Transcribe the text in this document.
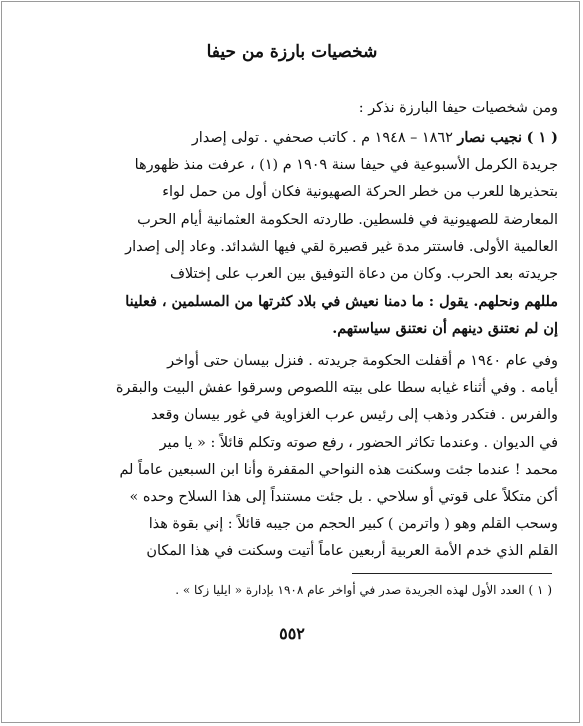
شخصيات بارزة من حيفا
ومن شخصيات حيفا البارزة نذكر :
( ١ ) نجيب نصار ١٨٦٢ – ١٩٤٨ م . كاتب صحفي . تولى إصدار
جريدة الكرمل الأسبوعية في حيفا سنة ١٩٠٩ م (١) ، عرفت منذ ظهورها
بتحذيرها للعرب من خطر الحركة الصهيونية فكان أول من حمل لواء
المعارضة للصهيونية في فلسطين. طاردته الحكومة العثمانية أيام الحرب
العالمية الأولى. فاستتر مدة غير قصيرة لقي فيها الشدائد. وعاد إلى إصدار
جريدته بعد الحرب. وكان من دعاة التوفيق بين العرب على إختلاف
مللهم ونحلهم. يقول : ما دمنا نعيش في بلاد كثرتها من المسلمين ، فعلينا
إن لم نعتنق دينهم أن نعتنق سياستهم.
وفي عام ١٩٤٠ م أقفلت الحكومة جريدته . فنزل بيسان حتى أواخر
أيامه . وفي أثناء غيابه سطا على بيته اللصوص وسرقوا عفش البيت والبقرة
والفرس . فتكدر وذهب إلى رئيس عرب الغزاوية في غور بيسان وقعد
في الديوان . وعندما تكاثر الحضور ، رفع صوته وتكلم قائلاً : « يا مير
محمد ! عندما جئت وسكنت هذه النواحي المقفرة وأنا ابن السبعين عاماً لم
أكن متكلاً على قوتي أو سلاحي . بل جئت مستنداً إلى هذا السلاح وحده »
وسحب القلم وهو ( واترمن ) كبير الحجم من جيبه قائلاً : إني بقوة هذا
القلم الذي خدم الأمة العربية أربعين عاماً أتيت وسكنت في هذا المكان
( ١ ) العدد الأول لهذه الجريدة صدر في أواخر عام ١٩٠٨ بإدارة « ايليا زكا » .
٥٥٢
